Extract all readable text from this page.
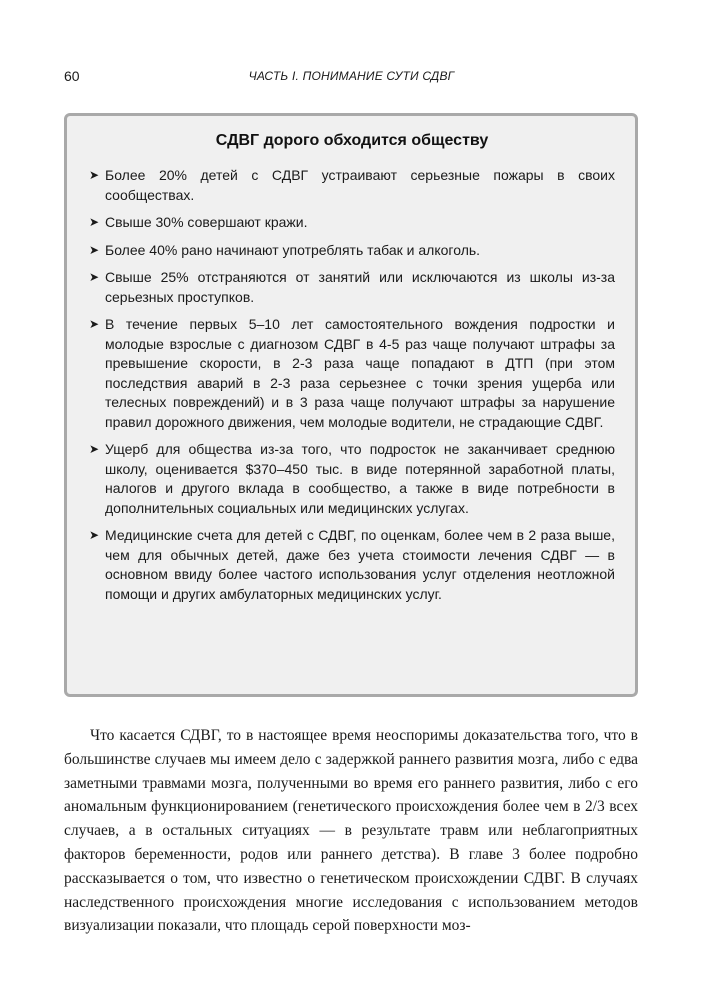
60	ЧАСТЬ I. ПОНИМАНИЕ СУТИ СДВГ
СДВГ дорого обходится обществу
➤ Более 20% детей с СДВГ устраивают серьезные пожары в своих сообществах.
➤ Свыше 30% совершают кражи.
➤ Более 40% рано начинают употреблять табак и алкоголь.
➤ Свыше 25% отстраняются от занятий или исключаются из школы из-за серьезных проступков.
➤ В течение первых 5–10 лет самостоятельного вождения подростки и молодые взрослые с диагнозом СДВГ в 4-5 раз чаще получают штрафы за превышение скорости, в 2-3 раза чаще попадают в ДТП (при этом последствия аварий в 2-3 раза серьезнее с точки зрения ущерба или телесных повреждений) и в 3 раза чаще получают штрафы за нарушение правил дорожного движения, чем молодые водители, не страдающие СДВГ.
➤ Ущерб для общества из-за того, что подросток не заканчивает среднюю школу, оценивается $370–450 тыс. в виде потерянной заработной платы, налогов и другого вклада в сообщество, а также в виде потребности в дополнительных социальных или медицинских услугах.
➤ Медицинские счета для детей с СДВГ, по оценкам, более чем в 2 раза выше, чем для обычных детей, даже без учета стоимости лечения СДВГ — в основном ввиду более частого использования услуг отделения неотложной помощи и других амбулаторных медицинских услуг.

Что касается СДВГ, то в настоящее время неоспоримы доказательства того, что в большинстве случаев мы имеем дело с задержкой раннего развития мозга, либо с едва заметными травмами мозга, полученными во время его раннего развития, либо с его аномальным функционированием (генетического происхождения более чем в 2/3 всех случаев, а в остальных ситуациях — в результате травм или неблагоприятных факторов беременности, родов или раннего детства). В главе 3 более подробно рассказывается о том, что известно о генетическом происхождении СДВГ. В случаях наследственного происхождения многие исследования с использованием методов визуализации показали, что площадь серой поверхности моз-
